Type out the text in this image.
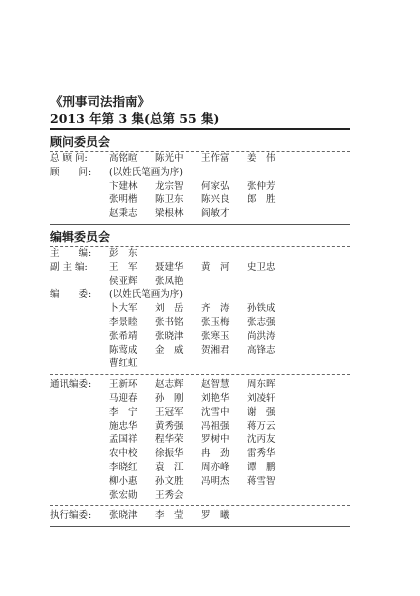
《刑事司法指南》
2013 年第 3 集(总第 55 集)
顾问委员会
总 顾 问:	高铭暄	陈光中	王作富	姜　伟
顾　　问:	(以姓氏笔画为序)
卞建林	龙宗智	何家弘	张仲芳
张明楷	陈卫东	陈兴良	郎　胜
赵秉志	梁根林	阎敏才
编辑委员会
主　　编:	彭　东
副 主 编:	王　军	聂建华	黄　河	史卫忠
侯亚辉	张凤艳
编　　委:	(以姓氏笔画为序)
卜大军	刘　岳	齐　涛	孙铁成
李景睦	张书铭	张玉梅	张志强
张希靖	张晓津	张寒玉	尚洪涛
陈莺成	金　威	贺湘君	高锋志
曹红虹
通讯编委:	王新环	赵志辉	赵智慧	周东晖
马迎春	孙　刚	刘艳华	刘凌轩
李　宁	王冠军	沈雪中	谢　强
施忠华	黄秀强	冯祖强	蒋万云
孟国祥	程华荣	罗树中	沈丙友
农中校	徐振华	冉　劲	雷秀华
李晓红	袁　江	周亦峰	谭　鹏
柳小惠	孙文胜	冯明杰	蒋雪智
张宏勋	王秀会
执行编委:	张晓津	李　莹	罗　曦
